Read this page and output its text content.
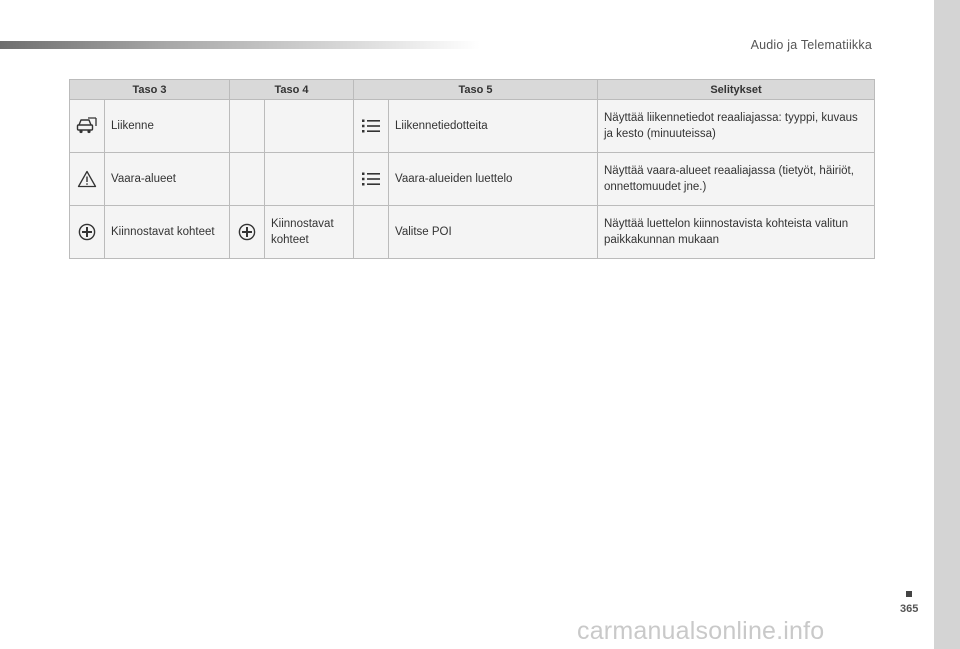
Audio ja Telematiikka
Taso 3		Taso 4		Taso 5		Selitykset

	Liikenne				Liikennetiedotteita	Näyttää liikennetiedot reaaliajassa: tyyppi, kuvaus ja kesto (minuuteissa)

	Vaara-alueet				Vaara-alueiden luettelo	Näyttää vaara-alueet reaaliajassa (tietyöt, häiriöt, onnettomuudet jne.)

	Kiinnostavat kohteet		Kiinnostavat kohteet		Valitse POI	Näyttää luettelon kiinnostavista kohteista valitun paikkakunnan mukaan
365
carmanualsonline.info
